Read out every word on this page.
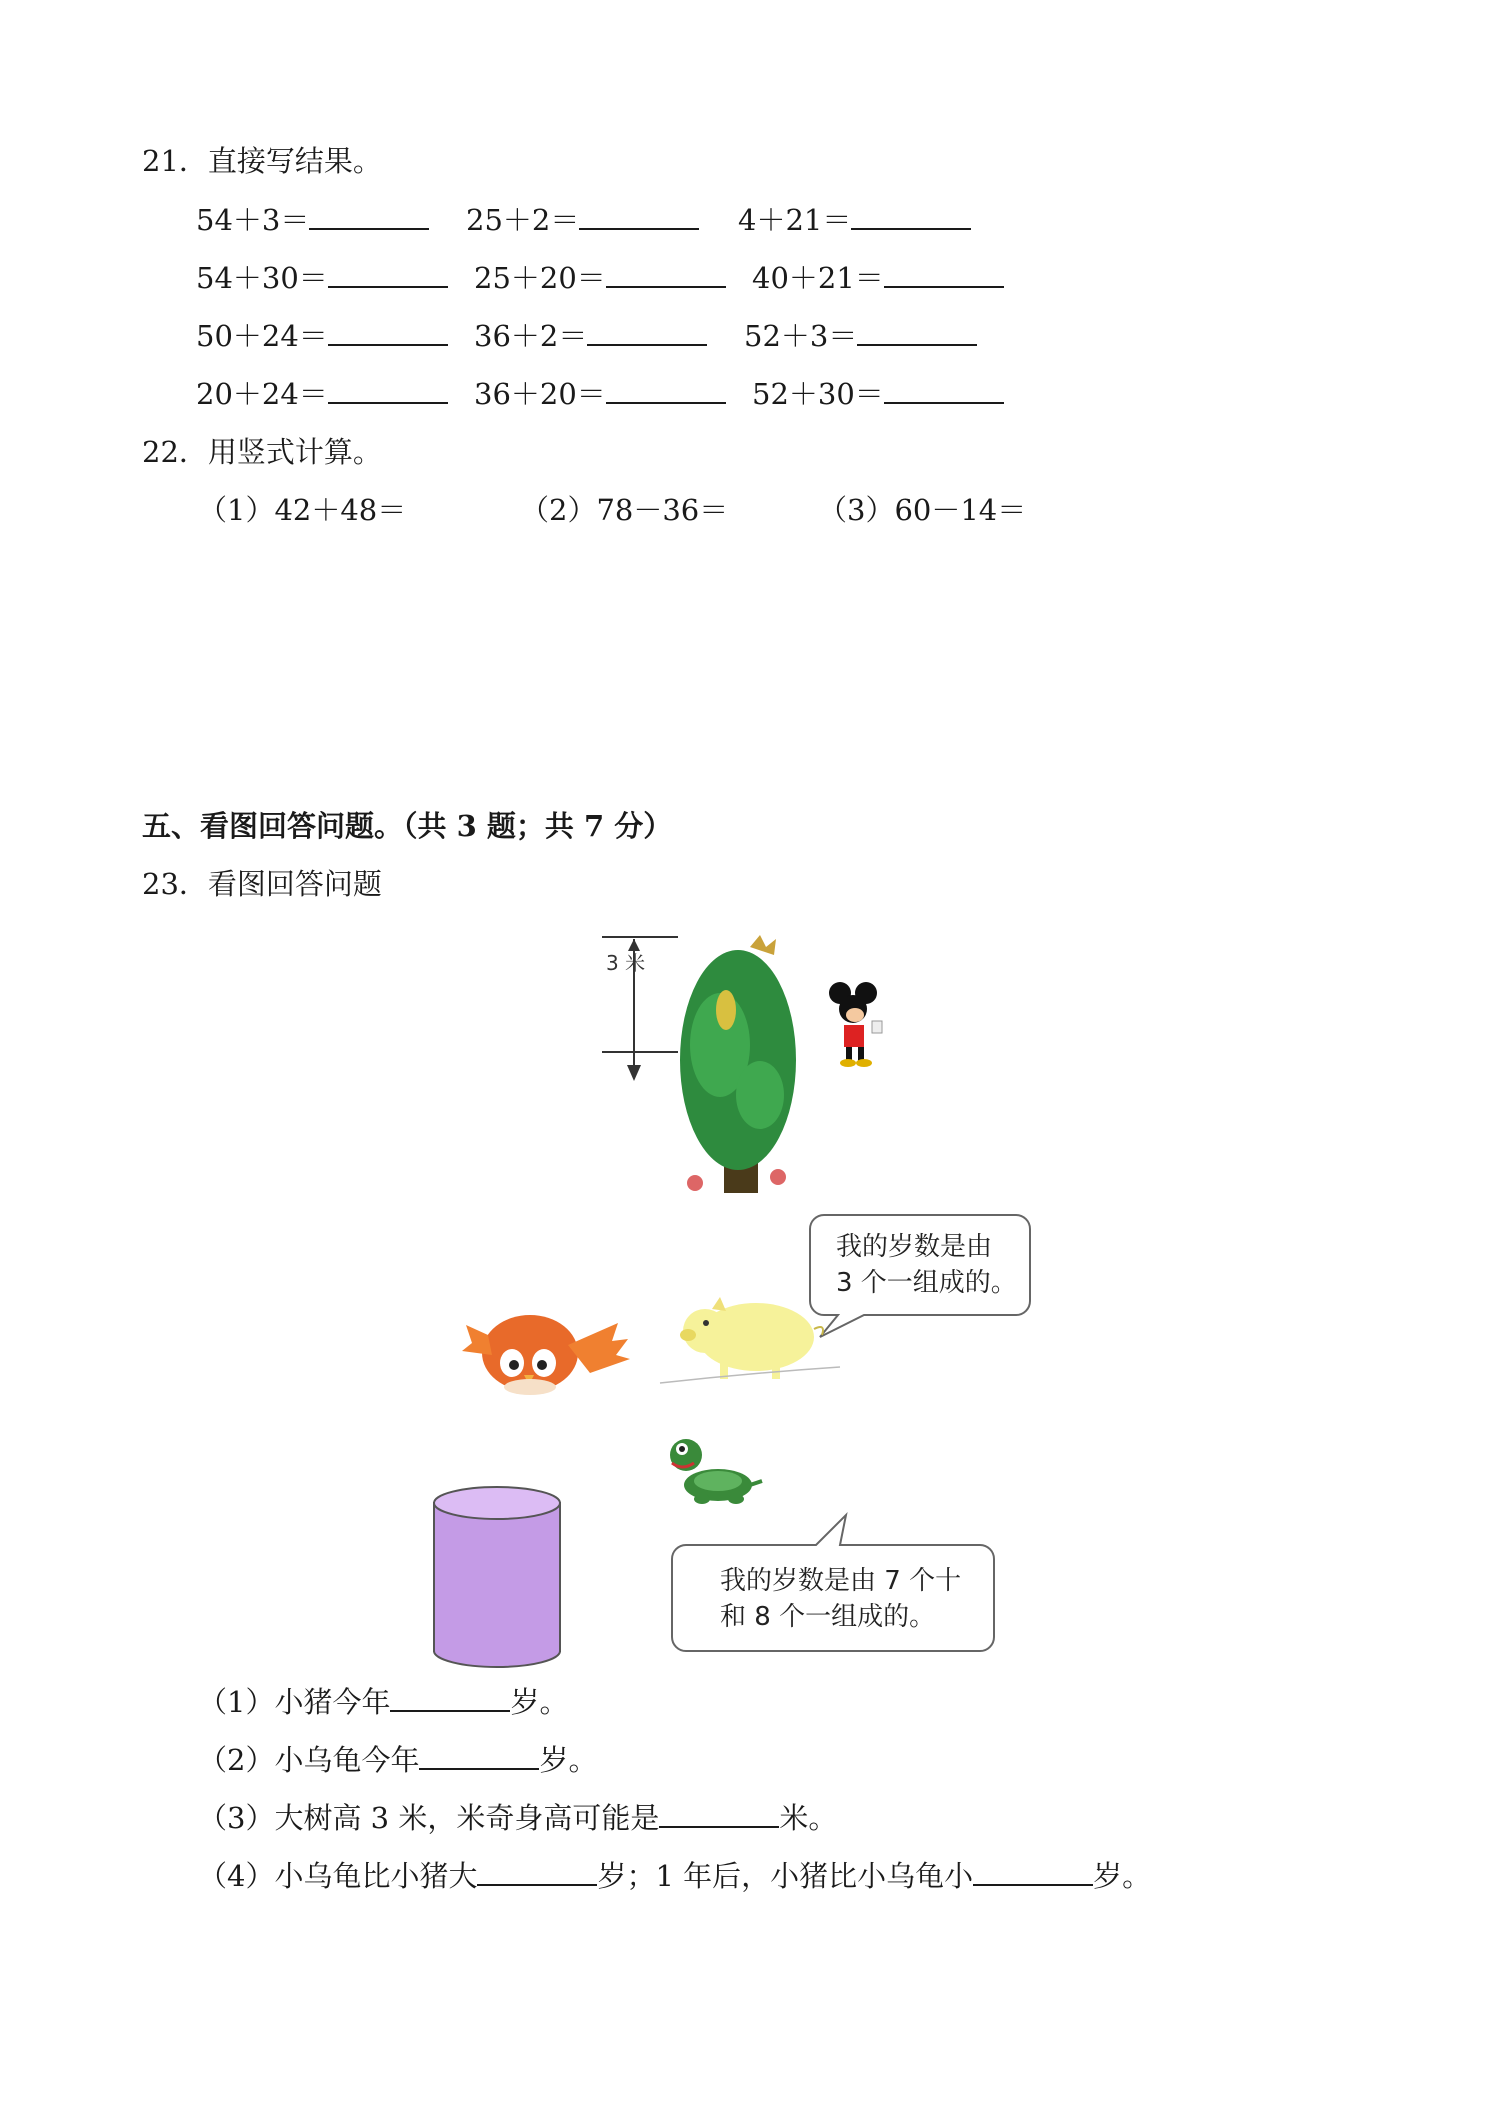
21．直接写结果。
54＋3＝	25＋2＝	4＋21＝
54＋30＝	25＋20＝	40＋21＝
50＋24＝	36＋2＝	52＋3＝
20＋24＝	36＋20＝	52＋30＝
22．用竖式计算。
（1）42＋48＝	（2）78－36＝	（3）60－14＝
五、看图回答问题。（共 3 题；共 7 分）
23．看图回答问题
3 米
我的岁数是由
3 个一组成的。
我的岁数是由 7 个十
和 8 个一组成的。
（1）小猪今年	岁。
（2）小乌龟今年	岁。
（3）大树高 3 米，米奇身高可能是	米。
（4）小乌龟比小猪大	岁；1 年后，小猪比小乌龟小	岁。
